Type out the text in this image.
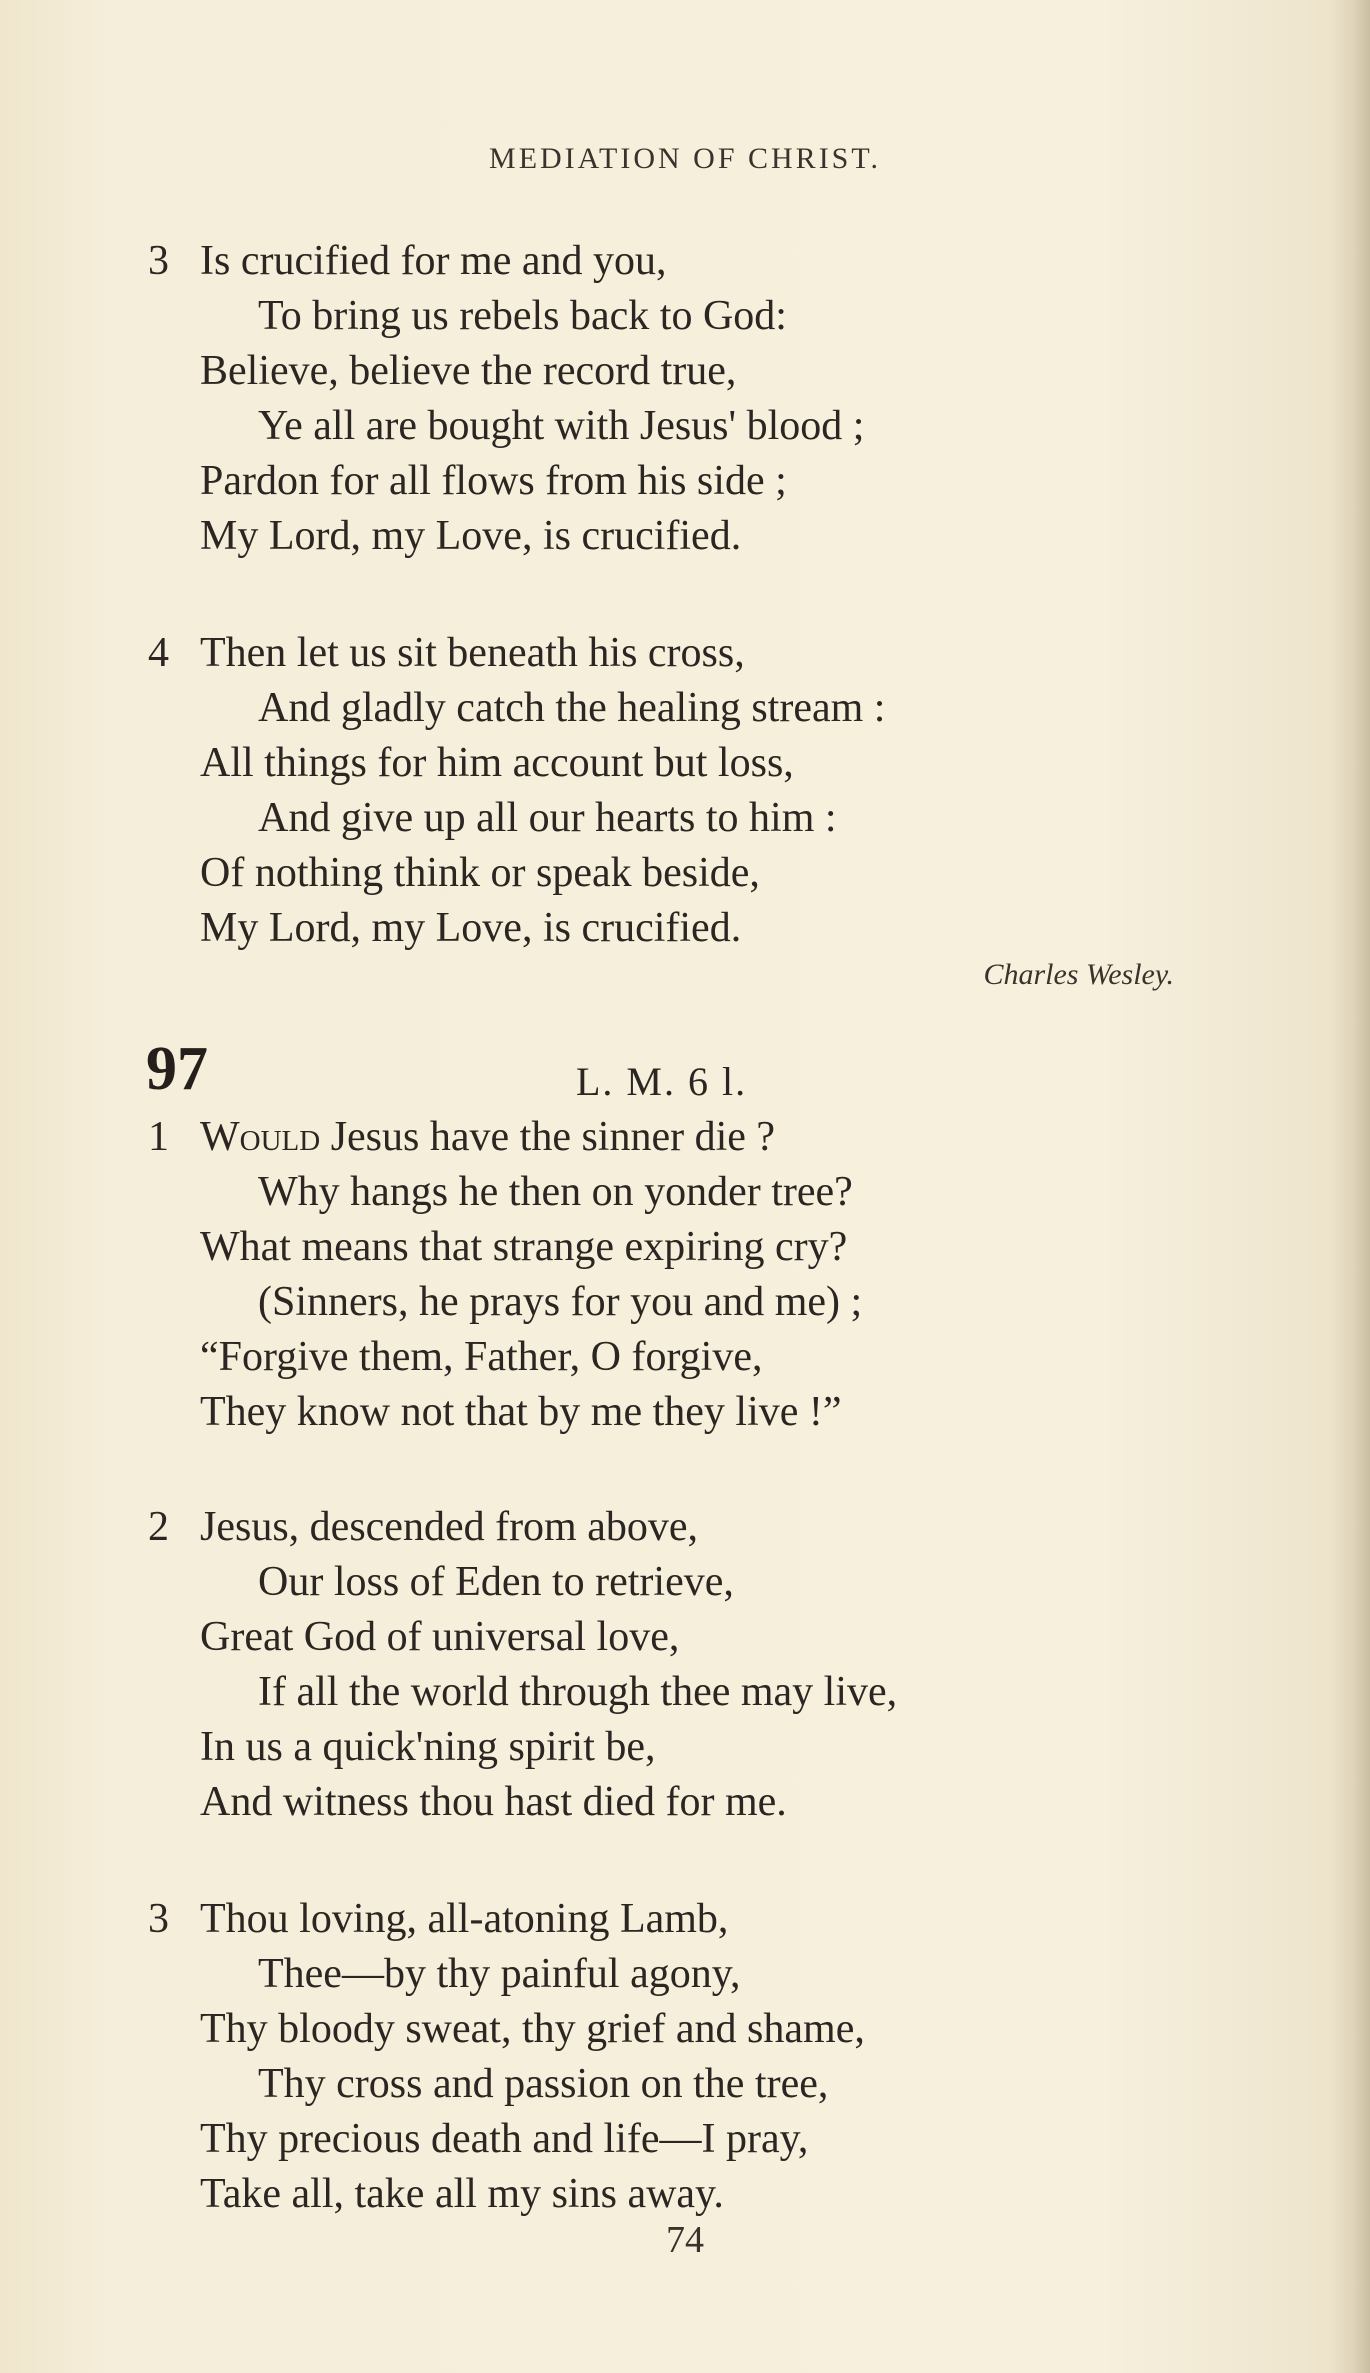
MEDIATION OF CHRIST.
3 Is crucified for me and you,
To bring us rebels back to God:
Believe, believe the record true,
Ye all are bought with Jesus' blood ;
Pardon for all flows from his side ;
My Lord, my Love, is crucified.
4 Then let us sit beneath his cross,
And gladly catch the healing stream :
All things for him account but loss,
And give up all our hearts to him :
Of nothing think or speak beside,
My Lord, my Love, is crucified.
Charles Wesley.
97	L. M. 6 l.
1 Would Jesus have the sinner die ?
Why hangs he then on yonder tree?
What means that strange expiring cry?
(Sinners, he prays for you and me) ;
“Forgive them, Father, O forgive,
They know not that by me they live !”
2 Jesus, descended from above,
Our loss of Eden to retrieve,
Great God of universal love,
If all the world through thee may live,
In us a quick'ning spirit be,
And witness thou hast died for me.
3 Thou loving, all-atoning Lamb,
Thee—by thy painful agony,
Thy bloody sweat, thy grief and shame,
Thy cross and passion on the tree,
Thy precious death and life—I pray,
Take all, take all my sins away.
74
